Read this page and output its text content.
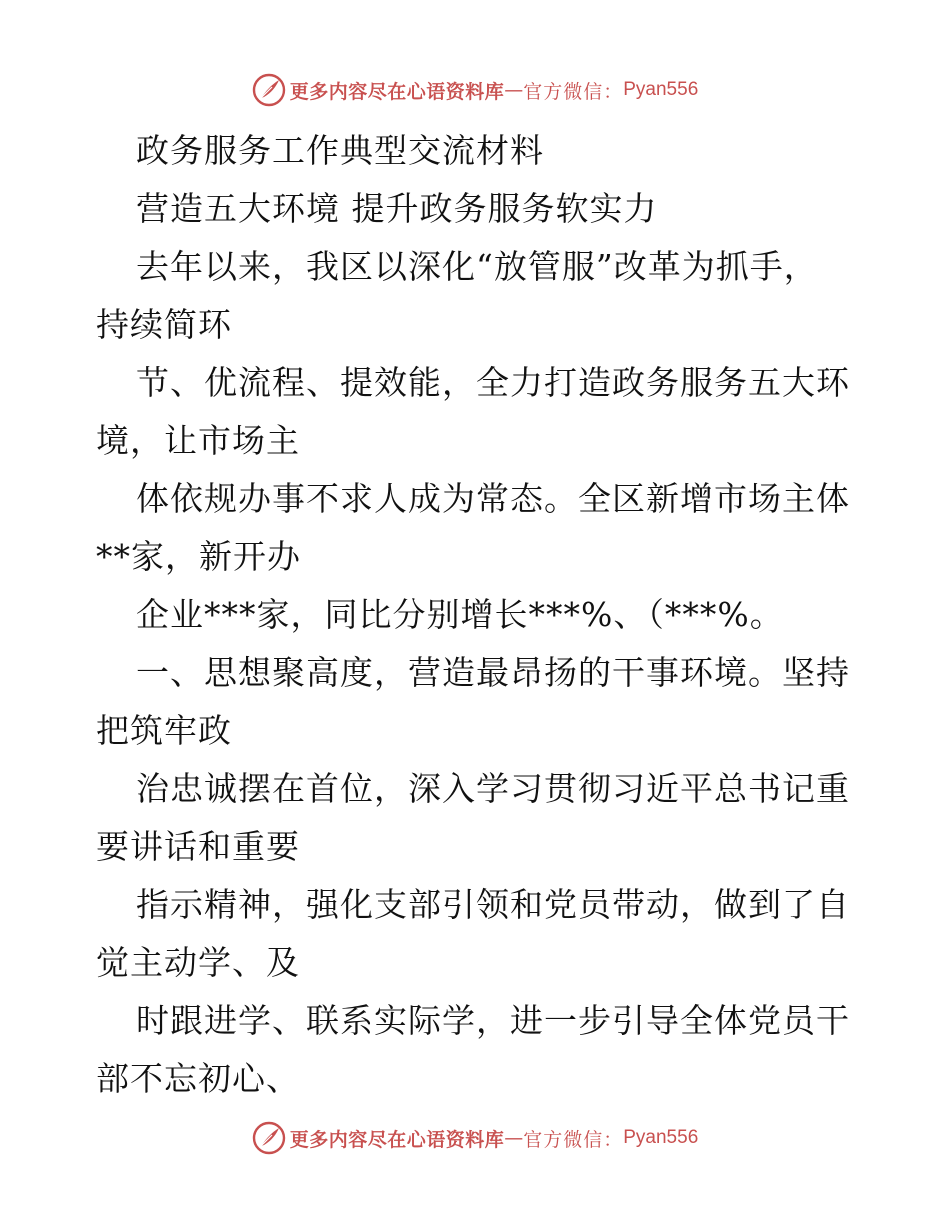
更多内容尽在心语资料库 — 官方微信： Pyan556
政务服务工作典型交流材料
营造五大环境 提升政务服务软实力
去年以来，我区以深化“放管服”改革为抓手，
持续简环
节、优流程、提效能，全力打造政务服务五大环
境，让市场主
体依规办事不求人成为常态。全区新增市场主体
**家，新开办
企业***家，同比分别增长***%、（***%。
一、思想聚高度，营造最昂扬的干事环境。坚持
把筑牢政
治忠诚摆在首位，深入学习贯彻习近平总书记重
要讲话和重要
指示精神，强化支部引领和党员带动，做到了自
觉主动学、及
时跟进学、联系实际学，进一步引导全体党员干
部不忘初心、
更多内容尽在心语资料库 — 官方微信： Pyan556
